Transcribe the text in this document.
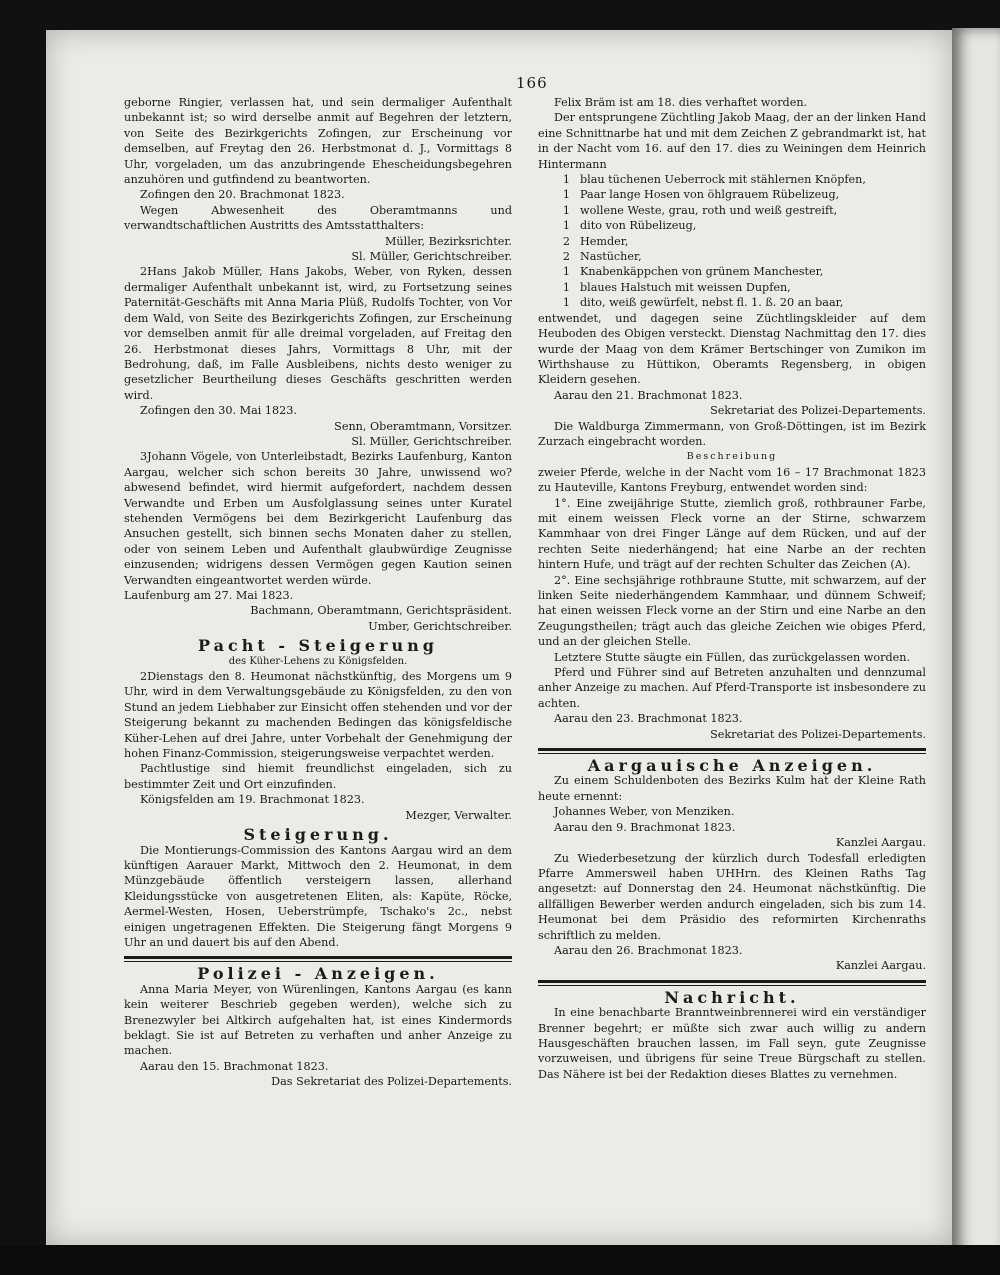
166

geborne Ringier, verlassen hat, und sein dermaliger Aufenthalt unbekannt ist; so wird derselbe anmit auf Begehren der letztern, von Seite des Bezirkgerichts Zofingen, zur Erscheinung vor demselben, auf Freytag den 26. Herbstmonat d. J., Vormittags 8 Uhr, vorgeladen, um das anzubringende Ehescheidungsbegehren anzuhören und gutfindend zu beantworten.

Zofingen den 20. Brachmonat 1823.

Wegen Abwesenheit des Oberamtmanns und verwandtschaftlichen Austritts des Amtsstatthalters:

Müller, Bezirksrichter.

Sl. Müller, Gerichtschreiber.

2Hans Jakob Müller, Hans Jakobs, Weber, von Ryken, dessen dermaliger Aufenthalt unbekannt ist, wird, zu Fortsetzung seines Paternität-Geschäfts mit Anna Maria Plüß, Rudolfs Tochter, von Vor dem Wald, von Seite des Bezirkgerichts Zofingen, zur Erscheinung vor demselben anmit für alle dreimal vorgeladen, auf Freitag den 26. Herbstmonat dieses Jahrs, Vormittags 8 Uhr, mit der Bedrohung, daß, im Falle Ausbleibens, nichts desto weniger zu gesetzlicher Beurtheilung dieses Geschäfts geschritten werden wird.

Zofingen den 30. Mai 1823.

Senn, Oberamtmann, Vorsitzer.

Sl. Müller, Gerichtschreiber.

3Johann Vögele, von Unterleibstadt, Bezirks Laufenburg, Kanton Aargau, welcher sich schon bereits 30 Jahre, unwissend wo? abwesend befindet, wird hiermit aufgefordert, nachdem dessen Verwandte und Erben um Ausfolglassung seines unter Kuratel stehenden Vermögens bei dem Bezirkgericht Laufenburg das Ansuchen gestellt, sich binnen sechs Monaten daher zu stellen, oder von seinem Leben und Aufenthalt glaubwürdige Zeugnisse einzusenden; widrigens dessen Vermögen gegen Kaution seinen Verwandten eingeantwortet werden würde.

Laufenburg am 27. Mai 1823.

Bachmann, Oberamtmann, Gerichtspräsident.

Umber, Gerichtschreiber.

Pacht - Steigerung

des Küher-Lehens zu Königsfelden.

2Dienstags den 8. Heumonat nächstkünftig, des Morgens um 9 Uhr, wird in dem Verwaltungsgebäude zu Königsfelden, zu den von Stund an jedem Liebhaber zur Einsicht offen stehenden und vor der Steigerung bekannt zu machenden Bedingen das königsfeldische Küher-Lehen auf drei Jahre, unter Vorbehalt der Genehmigung der hohen Finanz-Commission, steigerungsweise verpachtet werden.

Pachtlustige sind hiemit freundlichst eingeladen, sich zu bestimmter Zeit und Ort einzufinden.

Königsfelden am 19. Brachmonat 1823.

Mezger, Verwalter.

Steigerung.

Die Montierungs-Commission des Kantons Aargau wird an dem künftigen Aarauer Markt, Mittwoch den 2. Heumonat, in dem Münzgebäude öffentlich versteigern lassen, allerhand Kleidungsstücke von ausgetretenen Eliten, als: Kapüte, Röcke, Aermel-Westen, Hosen, Ueberstrümpfe, Tschako's 2c., nebst einigen ungetragenen Effekten. Die Steigerung fängt Morgens 9 Uhr an und dauert bis auf den Abend.

Polizei - Anzeigen.

Anna Maria Meyer, von Würenlingen, Kantons Aargau (es kann kein weiterer Beschrieb gegeben werden), welche sich zu Brenezwyler bei Altkirch aufgehalten hat, ist eines Kindermords beklagt. Sie ist auf Betreten zu verhaften und anher Anzeige zu machen.

Aarau den 15. Brachmonat 1823.

Das Sekretariat des Polizei-Departements.

Felix Bräm ist am 18. dies verhaftet worden.

Der entsprungene Züchtling Jakob Maag, der an der linken Hand eine Schnittnarbe hat und mit dem Zeichen Z gebrandmarkt ist, hat in der Nacht vom 16. auf den 17. dies zu Weiningen dem Heinrich Hintermann

1 blau tüchenen Ueberrock mit stählernen Knöpfen,
1 Paar lange Hosen von öhlgrauem Rübelizeug,
1 wollene Weste, grau, roth und weiß gestreift,
1 dito von Rübelizeug,
2 Hemder,
2 Nastücher,
1 Knabenkäppchen von grünem Manchester,
1 blaues Halstuch mit weissen Dupfen,
1 dito, weiß gewürfelt, nebst fl. 1. ß. 20 an baar,

entwendet, und dagegen seine Züchtlingskleider auf dem Heuboden des Obigen versteckt. Dienstag Nachmittag den 17. dies wurde der Maag von dem Krämer Bertschinger von Zumikon im Wirthshause zu Hüttikon, Oberamts Regensberg, in obigen Kleidern gesehen.

Aarau den 21. Brachmonat 1823.

Sekretariat des Polizei-Departements.

Die Waldburga Zimmermann, von Groß-Döttingen, ist im Bezirk Zurzach eingebracht worden.

Beschreibung

zweier Pferde, welche in der Nacht vom 16 – 17 Brachmonat 1823 zu Hauteville, Kantons Freyburg, entwendet worden sind:

1°. Eine zweijährige Stutte, ziemlich groß, rothbrauner Farbe, mit einem weissen Fleck vorne an der Stirne, schwarzem Kammhaar von drei Finger Länge auf dem Rücken, und auf der rechten Seite niederhängend; hat eine Narbe an der rechten hintern Hufe, und trägt auf der rechten Schulter das Zeichen (A).

2°. Eine sechsjährige rothbraune Stutte, mit schwarzem, auf der linken Seite niederhängendem Kammhaar, und dünnem Schweif; hat einen weissen Fleck vorne an der Stirn und eine Narbe an den Zeugungstheilen; trägt auch das gleiche Zeichen wie obiges Pferd, und an der gleichen Stelle.

Letztere Stutte säugte ein Füllen, das zurückgelassen worden.

Pferd und Führer sind auf Betreten anzuhalten und dennzumal anher Anzeige zu machen. Auf Pferd-Transporte ist insbesondere zu achten.

Aarau den 23. Brachmonat 1823.

Sekretariat des Polizei-Departements.

Aargauische Anzeigen.

Zu einem Schuldenboten des Bezirks Kulm hat der Kleine Rath heute ernennt:

Johannes Weber, von Menziken.

Aarau den 9. Brachmonat 1823.

Kanzlei Aargau.

Zu Wiederbesetzung der kürzlich durch Todesfall erledigten Pfarre Ammersweil haben UHHrn. des Kleinen Raths Tag angesetzt: auf Donnerstag den 24. Heumonat nächstkünftig. Die allfälligen Bewerber werden andurch eingeladen, sich bis zum 14. Heumonat bei dem Präsidio des reformirten Kirchenraths schriftlich zu melden.

Aarau den 26. Brachmonat 1823.

Kanzlei Aargau.

Nachricht.

In eine benachbarte Branntweinbrennerei wird ein verständiger Brenner begehrt; er müßte sich zwar auch willig zu andern Hausgeschäften brauchen lassen, im Fall seyn, gute Zeugnisse vorzuweisen, und übrigens für seine Treue Bürgschaft zu stellen. Das Nähere ist bei der Redaktion dieses Blattes zu vernehmen.
